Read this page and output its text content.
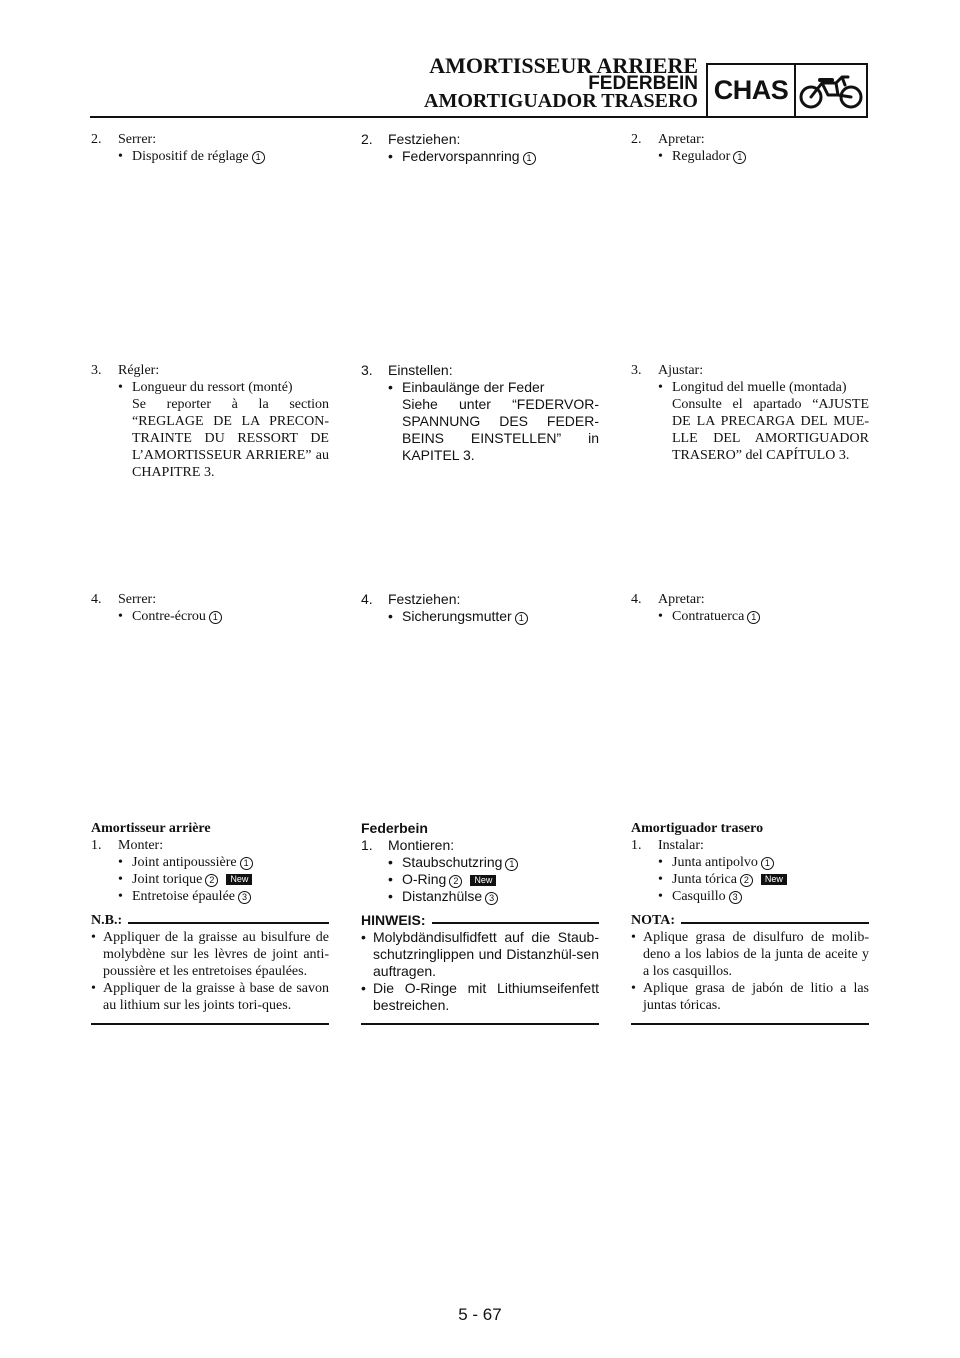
AMORTISSEUR ARRIERE
FEDERBEIN
AMORTIGUADOR TRASERO CHAS
2.	Serrer:
• Dispositif de réglage 1
3.	Régler:
• Longueur du ressort (monté)
Se reporter à la section “REGLAGE DE LA PRECON-TRAINTE DU RESSORT DE L’AMORTISSEUR ARRIERE” au CHAPITRE 3.
4.	Serrer:
• Contre-écrou 1
Amortisseur arrière
1.	Monter:
• Joint antipoussière 1
• Joint torique 2 New
• Entretoise épaulée 3
N.B.:
• Appliquer de la graisse au bisulfure de molybdène sur les lèvres de joint anti-poussière et les entretoises épaulées.
• Appliquer de la graisse à base de savon au lithium sur les joints tori-ques.
2.	Festziehen:
• Federvorspannring 1
3.	Einstellen:
• Einbaulänge der Feder
Siehe unter “FEDERVOR-SPANNUNG DES FEDER-BEINS EINSTELLEN” in KAPITEL 3.
4.	Festziehen:
• Sicherungsmutter 1
Federbein
1.	Montieren:
• Staubschutzring 1
• O-Ring 2 New
• Distanzhülse 3
HINWEIS:
• Molybdändisulfidfett auf die Staub-schutzringlippen und Distanzhül-sen auftragen.
• Die O-Ringe mit Lithiumseifenfett bestreichen.
2.	Apretar:
• Regulador 1
3.	Ajustar:
• Longitud del muelle (montada)
Consulte el apartado “AJUSTE DE LA PRECARGA DEL MUE-LLE DEL AMORTIGUADOR TRASERO” del CAPÍTULO 3.
4.	Apretar:
• Contratuerca 1
Amortiguador trasero
1.	Instalar:
• Junta antipolvo 1
• Junta tórica 2 New
• Casquillo 3
NOTA:
• Aplique grasa de disulfuro de molib-deno a los labios de la junta de aceite y a los casquillos.
• Aplique grasa de jabón de litio a las juntas tóricas.
5 - 67
